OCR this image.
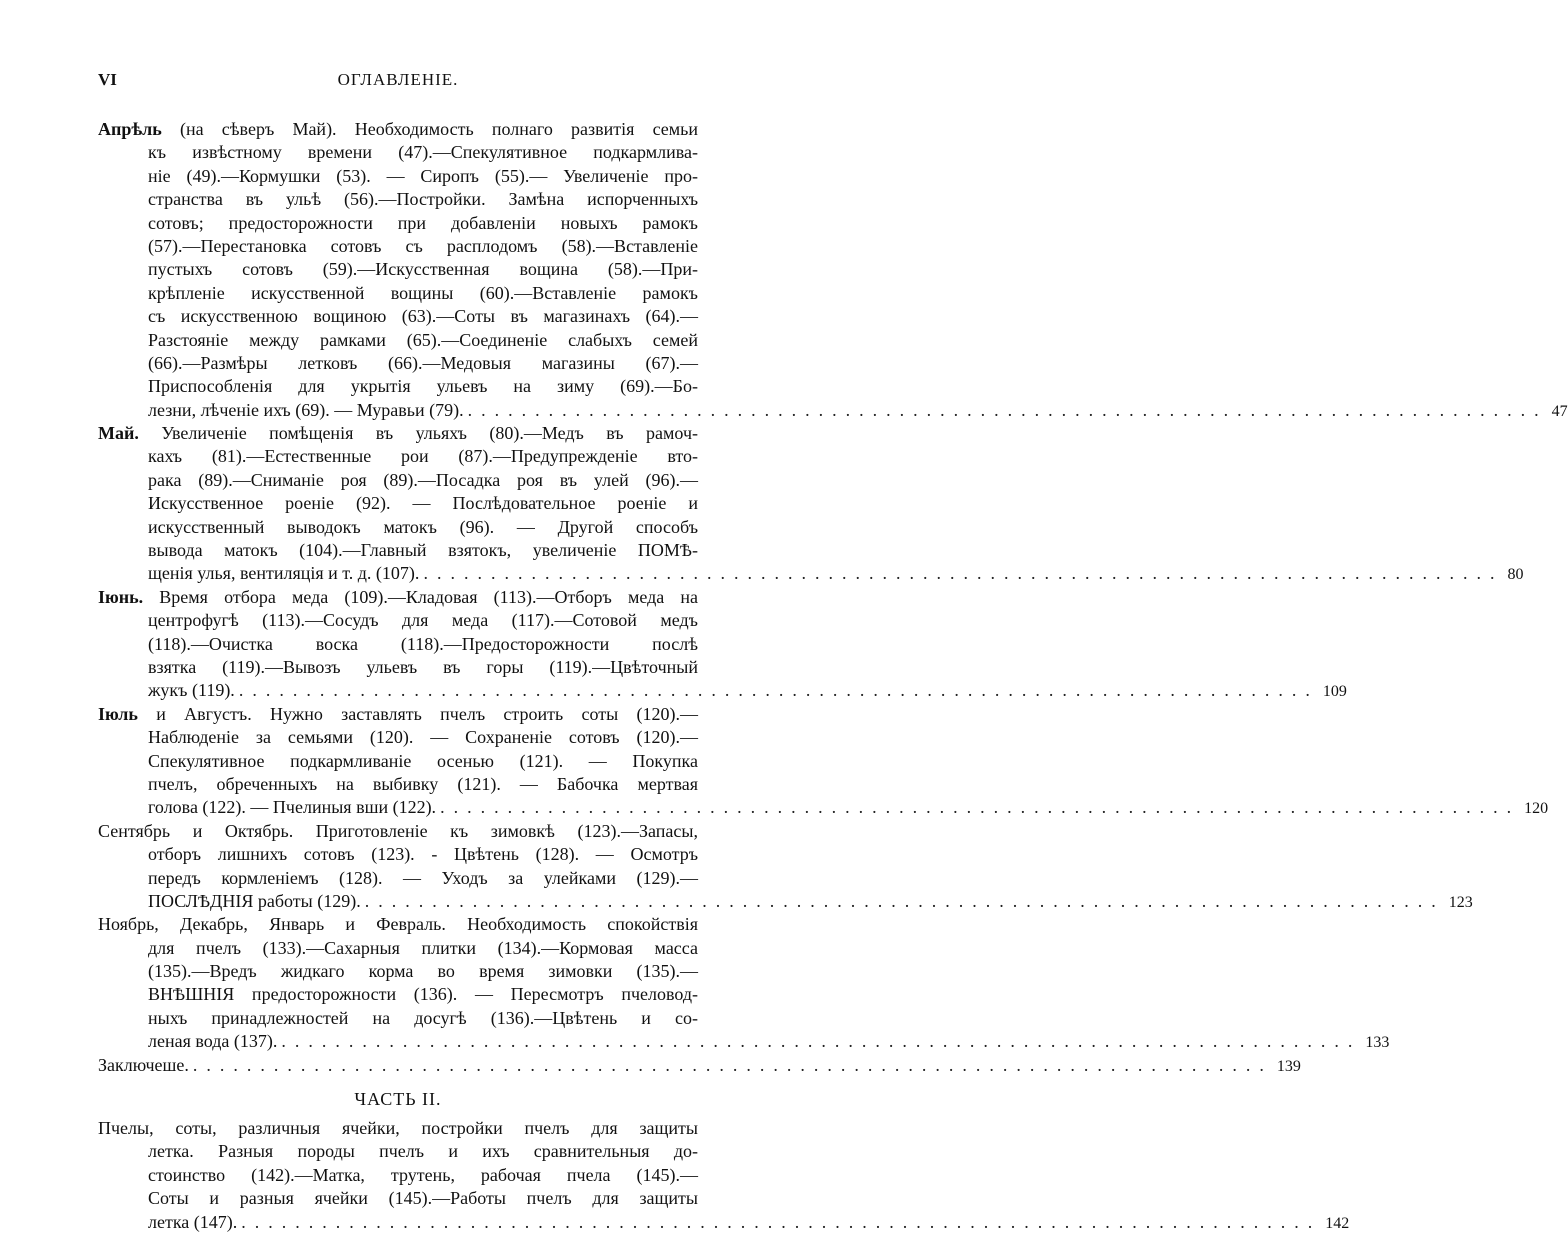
VI	ОГЛАВЛЕНІЕ.
Апрѣль (на сѣверъ Май). Необходимость полнаго развитія семьи
къ извѣстному времени (47).—Спекулятивное подкармлива-
ніе (49).—Кормушки (53). — Сиропъ (55).— Увеличеніе про-
странства въ ульѣ (56).—Постройки. Замѣна испорченныхъ
сотовъ; предосторожности при добавленіи новыхъ рамокъ
(57).—Перестановка сотовъ съ расплодомъ (58).—Вставленіе
пустыхъ сотовъ (59).—Искусственная вощина (58).—При-
крѣпленіе искусственной вощины (60).—Вставленіе рамокъ
съ искусственною вощиною (63).—Соты въ магазинахъ (64).—
Разстояніе между рамками (65).—Соединеніе слабыхъ семей
(66).—Размѣры летковъ (66).—Медовыя магазины (67).—
Приспособленія для укрытія ульевъ на зиму (69).—Бо-
лезни, лѣченіе ихъ (69). — Муравьи (79). ................................................................................ 47
Май. Увеличеніе помѣщенія въ ульяхъ (80).—Медъ въ рамоч-
кахъ (81).—Естественные рои (87).—Предупрежденіе вто-
рака (89).—Сниманіе роя (89).—Посадка роя въ улей (96).—
Искусственное роеніе (92). — Послѣдовательное роеніе и
искусственный выводокъ матокъ (96). — Другой способъ
вывода матокъ (104).—Главный взятокъ, увеличеніе ПОМѢ-
щенія улья, вентиляція и т. д. (107). ................................................................................ 80
Іюнь. Время отбора меда (109).—Кладовая (113).—Отборъ меда на
центрофугѣ (113).—Сосудъ для меда (117).—Сотовой медъ
(118).—Очистка воска (118).—Предосторожности послѣ
взятка (119).—Вывозъ ульевъ въ горы (119).—Цвѣточный
жукъ (119). ................................................................................ 109
Іюль и Августъ. Нужно заставлять пчелъ строить соты (120).—
Наблюденіе за семьями (120). — Сохраненіе сотовъ (120).—
Спекулятивное подкармливаніе осенью (121). — Покупка
пчелъ, обреченныхъ на выбивку (121). — Бабочка мертвая
голова (122). — Пчелиныя вши (122). ................................................................................ 120
Сентябрь и Октябрь. Приготовленіе къ зимовкѣ (123).—Запасы,
отборъ лишнихъ сотовъ (123). - Цвѣтень (128). — Осмотръ
передъ кормленіемъ (128). — Уходъ за улейками (129).—
ПОСЛѢДНІЯ работы (129). ................................................................................ 123
Ноябрь, Декабрь, Январь и Февраль. Необходимость спокойствія
для пчелъ (133).—Сахарныя плитки (134).—Кормовая масса
(135).—Вредъ жидкаго корма во время зимовки (135).—
ВНѢШНІЯ предосторожности (136). — Пересмотръ пчеловод-
ныхъ принадлежностей на досугѣ (136).—Цвѣтень и со-
леная вода (137). ................................................................................ 133
Заключеше. ................................................................................ 139
ЧАСТЬ II.
Пчелы, соты, различныя ячейки, постройки пчелъ для защиты
летка. Разныя породы пчелъ и ихъ сравнительныя до-
стоинство (142).—Матка, трутень, рабочая пчела (145).—
Соты и разныя ячейки (145).—Работы пчелъ для защиты
летка (147). ................................................................................ 142
